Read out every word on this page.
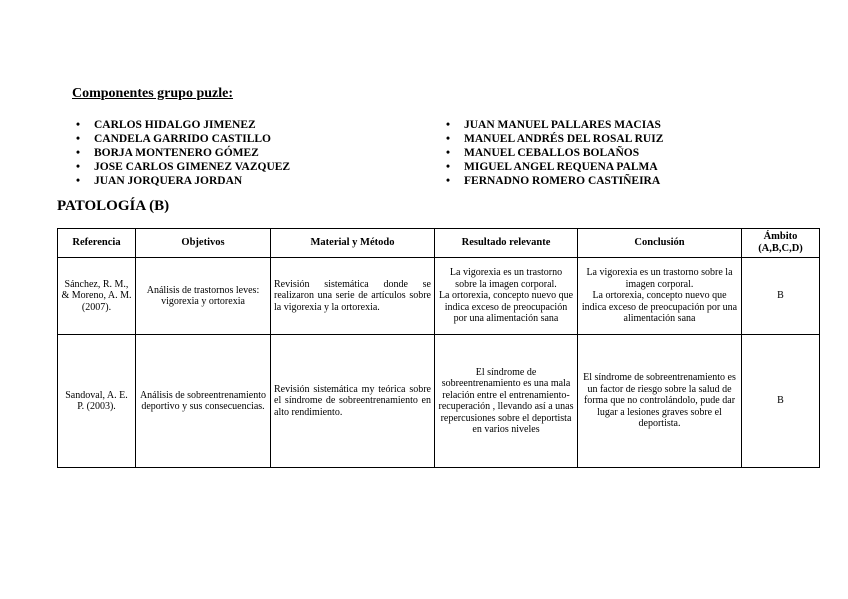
Componentes grupo puzle:

• CARLOS HIDALGO JIMENEZ
• CANDELA GARRIDO CASTILLO
• BORJA MONTENERO GÓMEZ
• JOSE CARLOS GIMENEZ VAZQUEZ
• JUAN JORQUERA JORDAN
• JUAN MANUEL PALLARES MACIAS
• MANUEL ANDRÉS DEL ROSAL RUIZ
• MANUEL CEBALLOS BOLAÑOS
• MIGUEL ANGEL REQUENA PALMA
• FERNADNO ROMERO CASTIÑEIRA

PATOLOGÍA (B)

Referencia	Objetivos	Material y Método	Resultado relevante	Conclusión	Ámbito (A,B,C,D)
Sánchez, R. M., & Moreno, A. M. (2007).	Análisis de trastornos leves: vigorexia y ortorexia	Revisión sistemática donde se realizaron una serie de artículos sobre la vigorexia y la ortorexia.	La vigorexia es un trastorno sobre la imagen corporal.
La ortorexia, concepto nuevo que indica exceso de preocupación por una alimentación sana	La vigorexia es un trastorno sobre la imagen corporal.
La ortorexia, concepto nuevo que indica exceso de preocupación por una alimentación sana	B
Sandoval, A. E. P. (2003).	Análisis de sobreentrenamiento deportivo y sus consecuencias.	Revisión sistemática my teórica sobre el síndrome de sobreentrenamiento en alto rendimiento.	El síndrome de sobreentrenamiento es una mala relación entre el entrenamiento-recuperación , llevando así a unas repercusiones sobre el deportista en varios niveles	El síndrome de sobreentrenamiento es un factor de riesgo sobre la salud de forma que no controlándolo, pude dar lugar a lesiones graves sobre el deportista.	B
